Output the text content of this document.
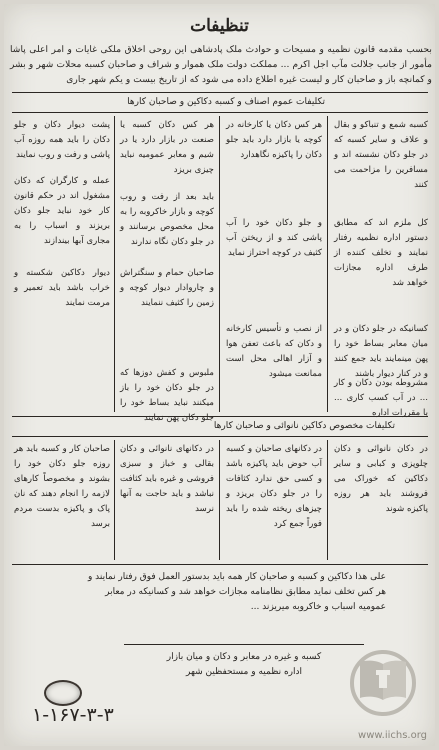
تنظیفات
بحسب مقدمه قانون نظمیه و مسیحات و حوادث ملک پادشاهی این روحی اخلاق ملکی غایات و امر اعلی پاشا مأمور از جانب جلالت مآب اجل اکرم ... مملکت دولت ملک هموار و شراف و صاحبان کسبه محلات شهر و بشر و کمانچه باز و صاحبان کار و لیست غیره اطلاع داده می شود که از تاریخ بیست و یکم شهر جاری
تکلیفات عموم اصناف و کسبه دکاکین و صاحبان کارها
کسبه شمع و تنباکو و بقال و علاف و سایر کسبه که در جلو دکان نشسته اند و مسافرین را مزاحمت می کنند
کل ملزم اند که مطابق دستور اداره نظمیه رفتار نمایند و تخلف کننده از طرف اداره مجازات خواهد شد
کسانیکه در جلو دکان و در میان معابر بساط خود را پهن مینمایند باید جمع کنند و در کنار دیوار باشند
هر کس دکان یا کارخانه در کوچه یا بازار دارد باید جلو دکان را پاکیزه نگاهدارد
و جلو دکان خود را آب پاشی کند و از ریختن آب کثیف در کوچه احتراز نماید
از نصب و تأسیس کارخانه و دکان که باعث تعفن هوا و آزار اهالی محل است ممانعت میشود
هر کس دکان کسبه یا صنعت در بازار دارد یا در شیم و معابر عمومیه نباید چیزی بریزد
باید بعد از رفت و روب کوچه و بازار خاکروبه را به محل مخصوص برسانند و در جلو دکان نگاه ندارند
صاحبان حمام و سنگتراش و چاروادار دیوار کوچه و زمین را کثیف ننمایند
پشت دیوار دکان و جلو دکان را باید همه روزه آب پاشی و رفت و روب نمایند
عمله و کارگران که دکان مشغول اند در حکم قانون کار خود نباید جلو دکان بریزند و اسباب را به مجاری آبها بیندازند
دیوار دکاکین شکسته و خراب باشد باید تعمیر و مرمت نمایند
ملبوس و کفش دوزها که در جلو دکان خود را باز میکنند نباید بساط خود را جلو دکان پهن نمایند
مشروطه بودن دکان و کار ... در آب کسب کاری ... با مقررات اداره
تکلیفات مخصوص دکاکین نانوائی و صاحبان کارها
صاحبان کار و کسبه باید هر روزه جلو دکان خود را بشوند و مخصوصاً کارهای لازمه را انجام دهند که نان پاک و پاکیزه بدست مردم برسد
در دکانهای نانوائی و دکان بقالی و خباز و سبزی فروشی و غیره باید کثافت نباشد و باید حاجت به آنها نرسد
در دکانهای صاحبان و کسبه آب حوض باید پاکیزه باشد و کسی حق ندارد کثافات را در جلو دکان بریزد و چیزهای ریخته شده را باید فوراً جمع کرد
در دکان نانوائی و دکان چلوپزی و کبابی و سایر دکاکین که خوراک می فروشند باید هر روزه پاکیزه شوند
علی هذا دکاکین و کسبه و صاحبان کار همه باید بدستور العمل فوق رفتار نمایند و هر کس تخلف نماید مطابق نظامنامه مجازات خواهد شد و کسانیکه در معابر عمومیه اسباب و خاکروبه میریزند ...
کسبه و غیره در معابر و دکان و میان بازار
اداره نظمیه و مستحفظین شهر
۱-۱۶۷-۳-۳
www.iichs.org
